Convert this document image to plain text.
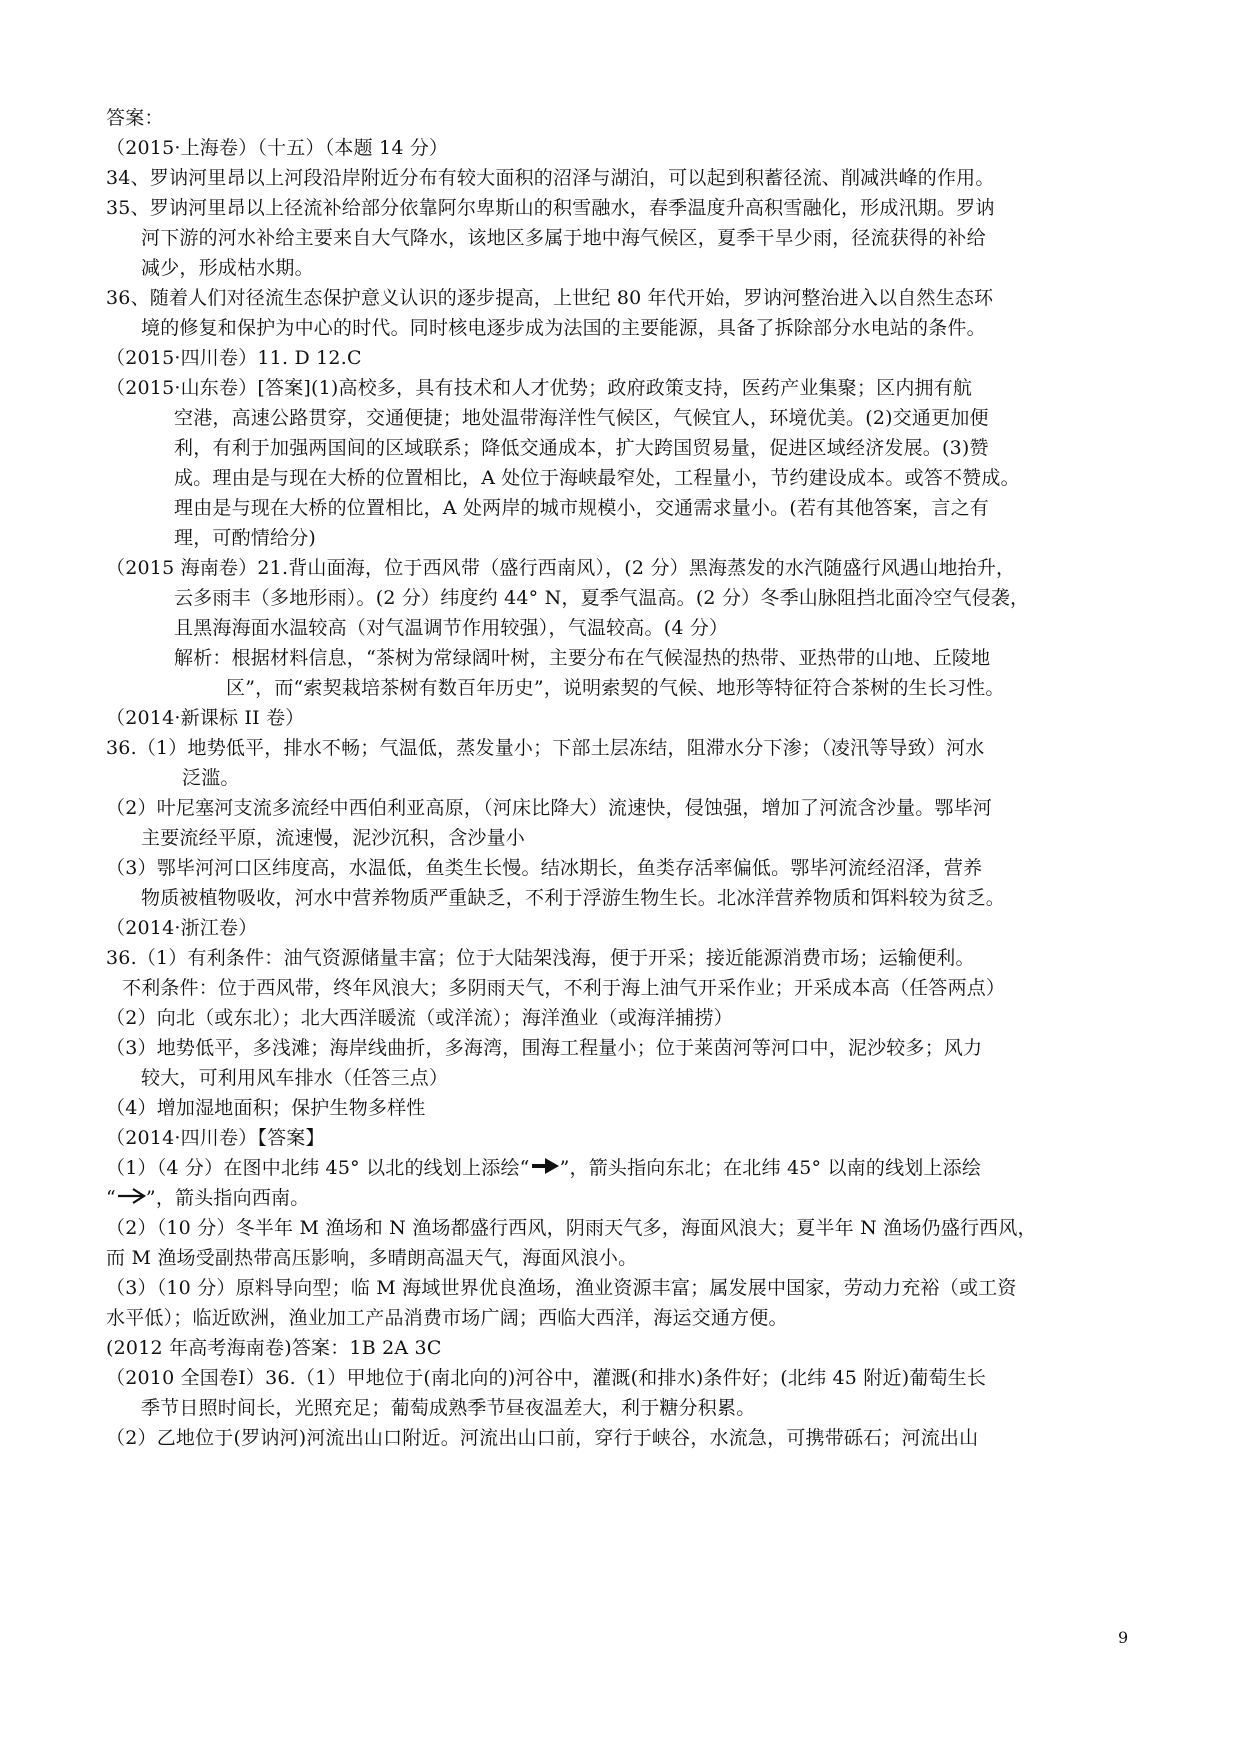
答案：
（2015·上海卷）（十五）（本题 14 分）
34、罗讷河里昂以上河段沿岸附近分布有较大面积的沼泽与湖泊，可以起到积蓄径流、削减洪峰的作用。
35、罗讷河里昂以上径流补给部分依靠阿尔卑斯山的积雪融水，春季温度升高积雪融化，形成汛期。罗讷
河下游的河水补给主要来自大气降水，该地区多属于地中海气候区，夏季干旱少雨，径流获得的补给
减少，形成枯水期。
36、随着人们对径流生态保护意义认识的逐步提高，上世纪 80 年代开始，罗讷河整治进入以自然生态环
境的修复和保护为中心的时代。同时核电逐步成为法国的主要能源，具备了拆除部分水电站的条件。
（2015·四川卷）11. D 12.C
（2015·山东卷）[答案](1)高校多，具有技术和人才优势；政府政策支持，医药产业集聚；区内拥有航
空港，高速公路贯穿，交通便捷；地处温带海洋性气候区，气候宜人，环境优美。(2)交通更加便
利，有利于加强两国间的区域联系；降低交通成本，扩大跨国贸易量，促进区域经济发展。(3)赞
成。理由是与现在大桥的位置相比，A 处位于海峡最窄处，工程量小，节约建设成本。或答不赞成。
理由是与现在大桥的位置相比，A 处两岸的城市规模小，交通需求量小。(若有其他答案，言之有
理，可酌情给分)
（2015 海南卷）21.背山面海，位于西风带（盛行西南风），(2 分）黑海蒸发的水汽随盛行风遇山地抬升，
云多雨丰（多地形雨）。(2 分）纬度约 44° N，夏季气温高。(2 分）冬季山脉阻挡北面冷空气侵袭，
且黑海海面水温较高（对气温调节作用较强），气温较高。(4 分）
解析：根据材料信息，“茶树为常绿阔叶树，主要分布在气候湿热的热带、亚热带的山地、丘陵地
区”，而“索契栽培茶树有数百年历史”，说明索契的气候、地形等特征符合茶树的生长习性。
（2014·新课标 II 卷）
36.（1）地势低平，排水不畅；气温低，蒸发量小；下部土层冻结，阻滞水分下渗；（凌汛等导致）河水
泛滥。
（2）叶尼塞河支流多流经中西伯利亚高原，（河床比降大）流速快，侵蚀强，增加了河流含沙量。鄂毕河
主要流经平原，流速慢，泥沙沉积，含沙量小
（3）鄂毕河河口区纬度高，水温低，鱼类生长慢。结冰期长，鱼类存活率偏低。鄂毕河流经沼泽，营养
物质被植物吸收，河水中营养物质严重缺乏，不利于浮游生物生长。北冰洋营养物质和饵料较为贫乏。
（2014·浙江卷）
36.（1）有利条件：油气资源储量丰富；位于大陆架浅海，便于开采；接近能源消费市场；运输便利。
不利条件：位于西风带，终年风浪大；多阴雨天气，不利于海上油气开采作业；开采成本高（任答两点）
（2）向北（或东北）；北大西洋暖流（或洋流）；海洋渔业（或海洋捕捞）
（3）地势低平，多浅滩；海岸线曲折，多海湾，围海工程量小；位于莱茵河等河口中，泥沙较多；风力
较大，可利用风车排水（任答三点）
（4）增加湿地面积；保护生物多样性
（2014·四川卷）【答案】
（1）（4 分）在图中北纬 45° 以北的线划上添绘“ ”，箭头指向东北；在北纬 45° 以南的线划上添绘
“ ”，箭头指向西南。
（2）（10 分）冬半年 M 渔场和 N 渔场都盛行西风，阴雨天气多，海面风浪大；夏半年 N 渔场仍盛行西风，
而 M 渔场受副热带高压影响，多晴朗高温天气，海面风浪小。
（3）（10 分）原料导向型；临 M 海域世界优良渔场，渔业资源丰富；属发展中国家，劳动力充裕（或工资
水平低）；临近欧洲，渔业加工产品消费市场广阔；西临大西洋，海运交通方便。
(2012 年高考海南卷)答案：1B 2A 3C
（2010 全国卷Ⅰ）36.（1）甲地位于(南北向的)河谷中，灌溉(和排水)条件好；(北纬 45 附近)葡萄生长
季节日照时间长，光照充足；葡萄成熟季节昼夜温差大，利于糖分积累。
（2）乙地位于(罗讷河)河流出山口附近。河流出山口前，穿行于峡谷，水流急，可携带砾石；河流出山
9
